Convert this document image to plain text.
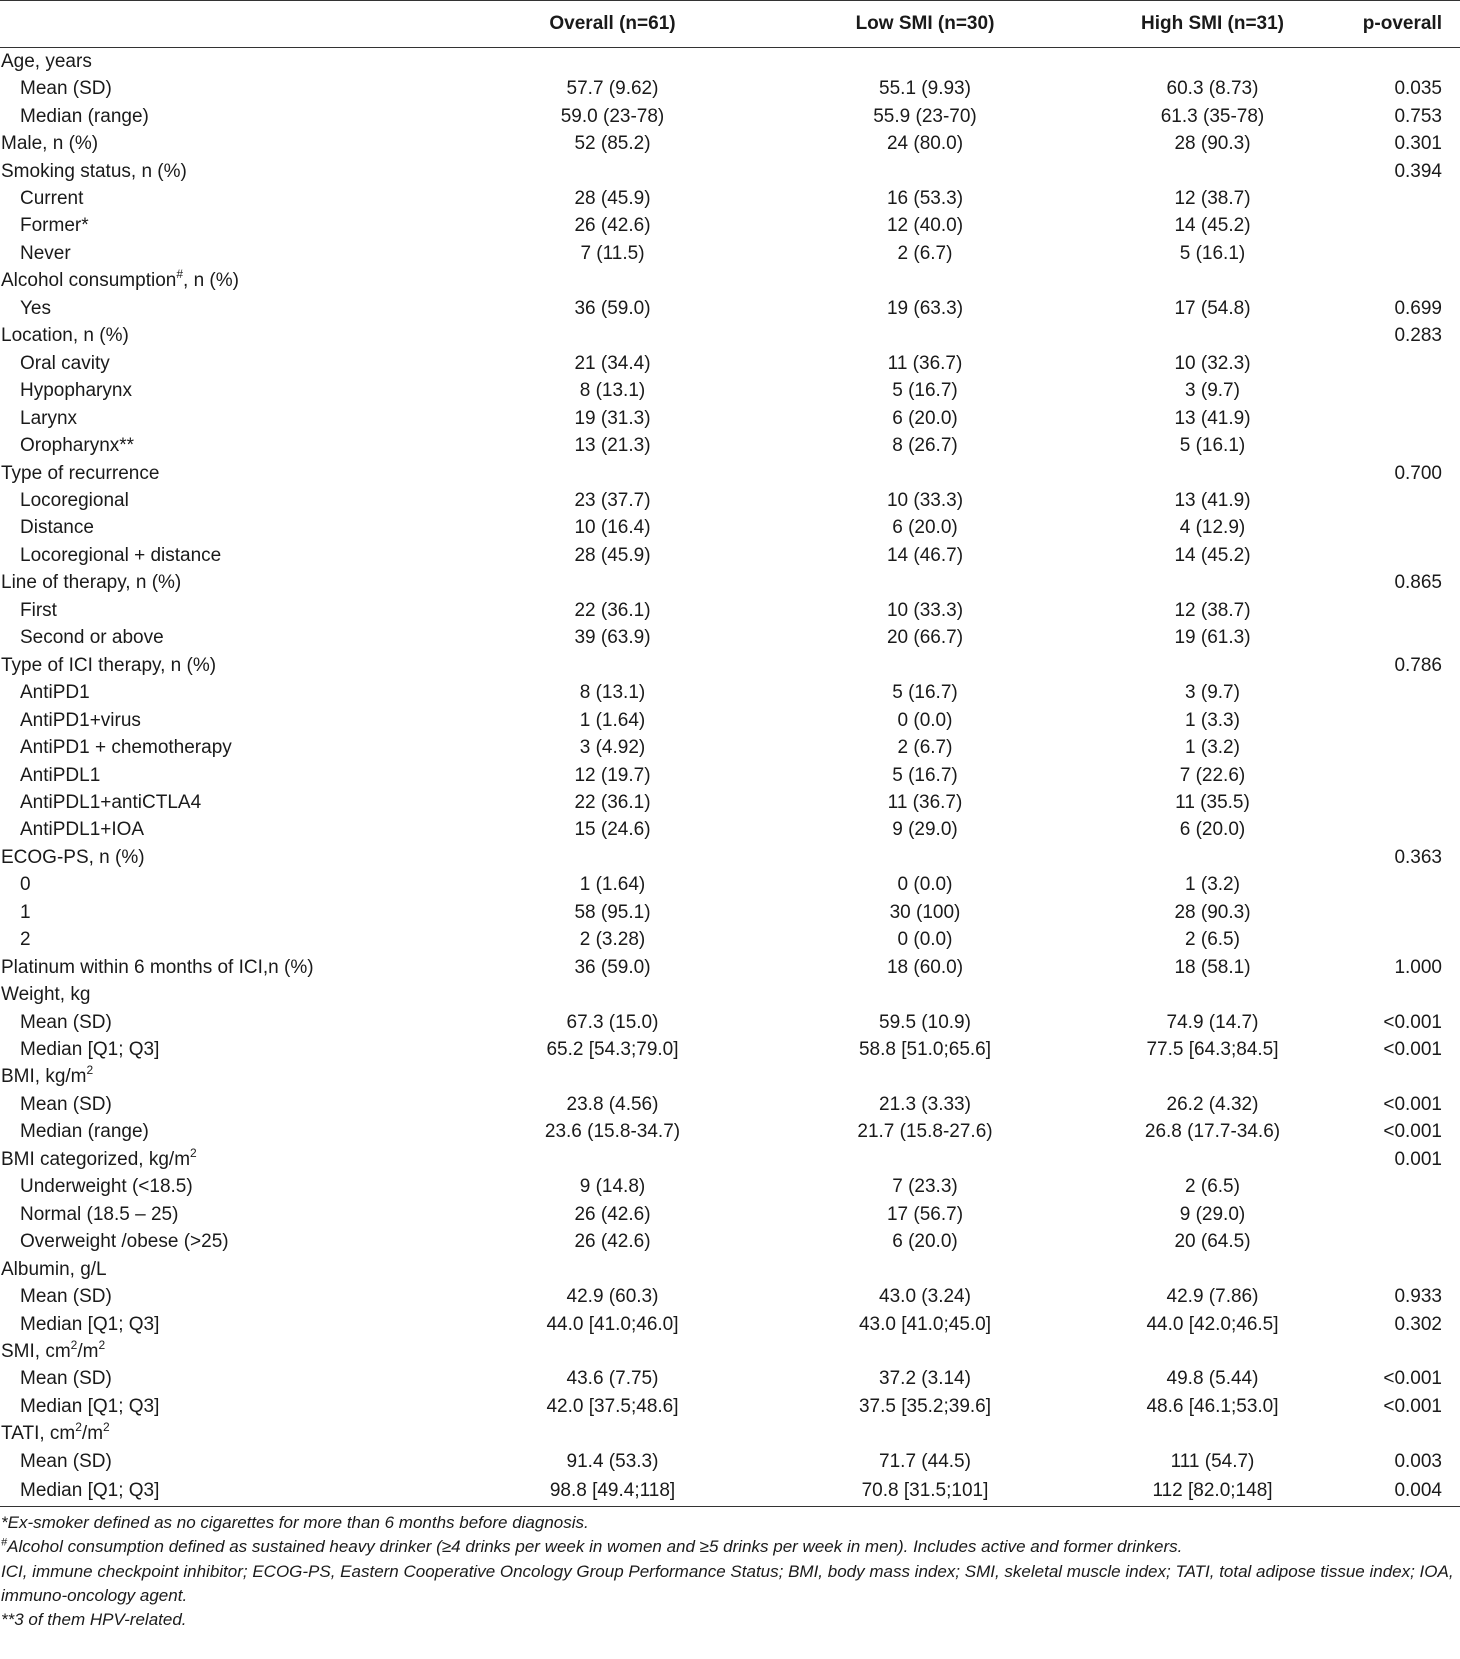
	Overall (n=61)	Low SMI (n=30)	High SMI (n=31)	p-overall
Age, years				
Mean (SD)	57.7 (9.62)	55.1 (9.93)	60.3 (8.73)	0.035
Median (range)	59.0 (23-78)	55.9 (23-70)	61.3 (35-78)	0.753
Male, n (%)	52 (85.2)	24 (80.0)	28 (90.3)	0.301
Smoking status, n (%)				0.394
Current	28 (45.9)	16 (53.3)	12 (38.7)	
Former*	26 (42.6)	12 (40.0)	14 (45.2)	
Never	7 (11.5)	2 (6.7)	5 (16.1)	
Alcohol consumption#, n (%)				
Yes	36 (59.0)	19 (63.3)	17 (54.8)	0.699
Location, n (%)				0.283
Oral cavity	21 (34.4)	11 (36.7)	10 (32.3)	
Hypopharynx	8 (13.1)	5 (16.7)	3 (9.7)	
Larynx	19 (31.3)	6 (20.0)	13 (41.9)	
Oropharynx**	13 (21.3)	8 (26.7)	5 (16.1)	
Type of recurrence				0.700
Locoregional	23 (37.7)	10 (33.3)	13 (41.9)	
Distance	10 (16.4)	6 (20.0)	4 (12.9)	
Locoregional + distance	28 (45.9)	14 (46.7)	14 (45.2)	
Line of therapy, n (%)				0.865
First	22 (36.1)	10 (33.3)	12 (38.7)	
Second or above	39 (63.9)	20 (66.7)	19 (61.3)	
Type of ICI therapy, n (%)				0.786
AntiPD1	8 (13.1)	5 (16.7)	3 (9.7)	
AntiPD1+virus	1 (1.64)	0 (0.0)	1 (3.3)	
AntiPD1 + chemotherapy	3 (4.92)	2 (6.7)	1 (3.2)	
AntiPDL1	12 (19.7)	5 (16.7)	7 (22.6)	
AntiPDL1+antiCTLA4	22 (36.1)	11 (36.7)	11 (35.5)	
AntiPDL1+IOA	15 (24.6)	9 (29.0)	6 (20.0)	
ECOG-PS, n (%)				0.363
0	1 (1.64)	0 (0.0)	1 (3.2)	
1	58 (95.1)	30 (100)	28 (90.3)	
2	2 (3.28)	0 (0.0)	2 (6.5)	
Platinum within 6 months of ICI,n (%)	36 (59.0)	18 (60.0)	18 (58.1)	1.000
Weight, kg				
Mean (SD)	67.3 (15.0)	59.5 (10.9)	74.9 (14.7)	<0.001
Median [Q1; Q3]	65.2 [54.3;79.0]	58.8 [51.0;65.6]	77.5 [64.3;84.5]	<0.001
BMI, $kg/m^2$				
Mean (SD)	23.8 (4.56)	21.3 (3.33)	26.2 (4.32)	<0.001
Median (range)	23.6 (15.8-34.7)	21.7 (15.8-27.6)	26.8 (17.7-34.6)	<0.001
BMI categorized, $kg/m^2$				0.001
Underweight (<18.5)	9 (14.8)	7 (23.3)	2 (6.5)	
Normal (18.5 – 25)	26 (42.6)	17 (56.7)	9 (29.0)	
Overweight /obese (>25)	26 (42.6)	6 (20.0)	20 (64.5)	
Albumin, g/L				
Mean (SD)	42.9 (60.3)	43.0 (3.24)	42.9 (7.86)	0.933
Median [Q1; Q3]	44.0 [41.0;46.0]	43.0 [41.0;45.0]	44.0 [42.0;46.5]	0.302
SMI, $cm^2/m^2$				
Mean (SD)	43.6 (7.75)	37.2 (3.14)	49.8 (5.44)	<0.001
Median [Q1; Q3]	42.0 [37.5;48.6]	37.5 [35.2;39.6]	48.6 [46.1;53.0]	<0.001
TATI, $cm^2/m^2$				
Mean (SD)	91.4 (53.3)	71.7 (44.5)	111 (54.7)	0.003
Median [Q1; Q3]	98.8 [49.4;118]	70.8 [31.5;101]	112 [82.0;148]	0.004

*Ex-smoker defined as no cigarettes for more than 6 months before diagnosis.

#Alcohol consumption defined as sustained heavy drinker (≥4 drinks per week in women and ≥5 drinks per week in men). Includes active and former drinkers.

ICI, immune checkpoint inhibitor; ECOG-PS, Eastern Cooperative Oncology Group Performance Status; BMI, body mass index; SMI, skeletal muscle index; TATI, total adipose tissue index; IOA, immuno-oncology agent.

**3 of them HPV-related.
